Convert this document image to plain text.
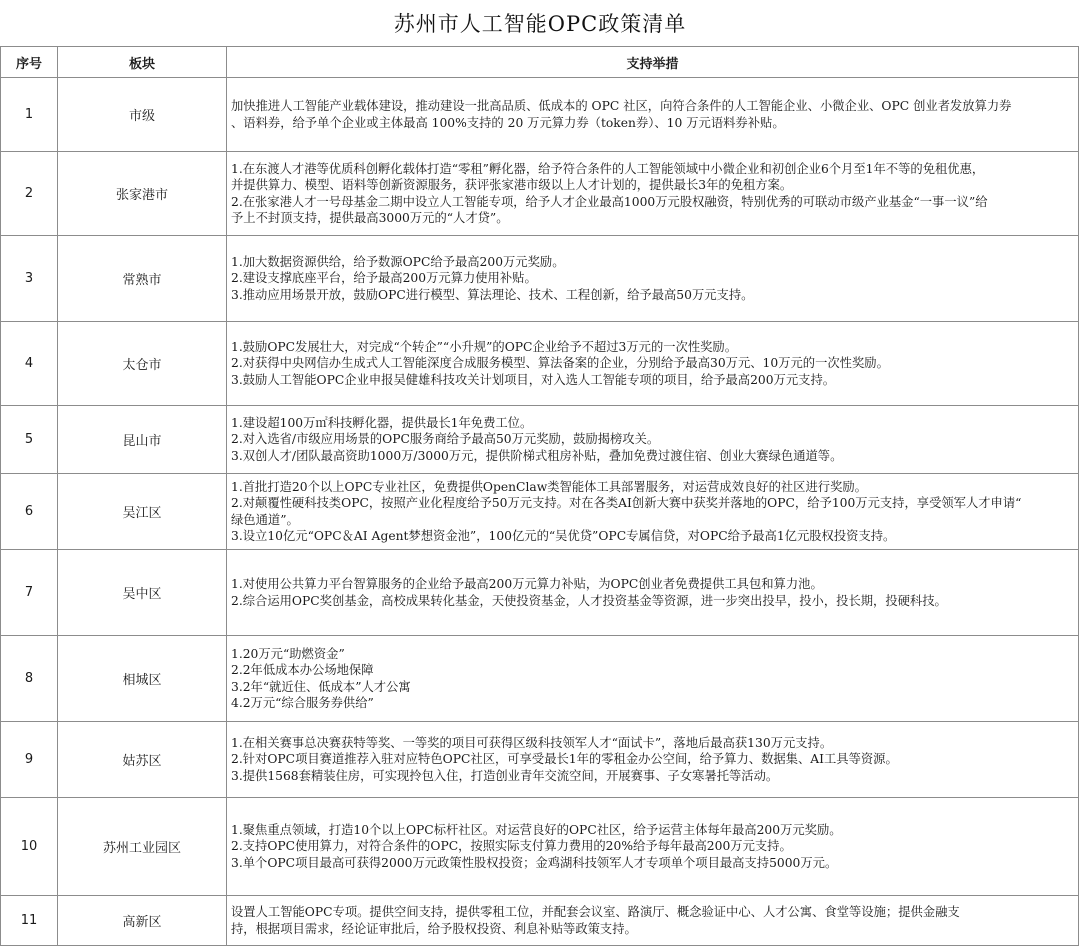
苏州市人工智能OPC政策清单
序号	板块	支持举措
1	市级	加快推进人工智能产业载体建设，推动建设一批高品质、低成本的 OPC 社区，向符合条件的人工智能企业、小微企业、OPC 创业者发放算力券
、语料券，给予单个企业或主体最高 100%支持的 20 万元算力券（token券）、10 万元语料券补贴。

2	张家港市	1.在东渡人才港等优质科创孵化载体打造“零租”孵化器，给予符合条件的人工智能领域中小微企业和初创企业6个月至1年不等的免租优惠，
并提供算力、模型、语料等创新资源服务，获评张家港市级以上人才计划的，提供最长3年的免租方案。
2.在张家港人才一号母基金二期中设立人工智能专项，给予人才企业最高1000万元股权融资，特别优秀的可联动市级产业基金“一事一议”给
予上不封顶支持，提供最高3000万元的“人才贷”。

3	常熟市	1.加大数据资源供给，给予数源OPC给予最高200万元奖励。
2.建设支撑底座平台，给予最高200万元算力使用补贴。
3.推动应用场景开放，鼓励OPC进行模型、算法理论、技术、工程创新，给予最高50万元支持。

4	太仓市	1.鼓励OPC发展壮大，对完成“个转企”“小升规”的OPC企业给予不超过3万元的一次性奖励。
2.对获得中央网信办生成式人工智能深度合成服务模型、算法备案的企业，分别给予最高30万元、10万元的一次性奖励。
3.鼓励人工智能OPC企业申报吴健雄科技攻关计划项目，对入选人工智能专项的项目，给予最高200万元支持。

5	昆山市	1.建设超100万㎡科技孵化器，提供最长1年免费工位。
2.对入选省/市级应用场景的OPC服务商给予最高50万元奖励，鼓励揭榜攻关。
3.双创人才/团队最高资助1000万/3000万元，提供阶梯式租房补贴，叠加免费过渡住宿、创业大赛绿色通道等。

6	吴江区	1.首批打造20个以上OPC专业社区，免费提供OpenClaw类智能体工具部署服务，对运营成效良好的社区进行奖励。
2.对颠覆性硬科技类OPC，按照产业化程度给予50万元支持。对在各类AI创新大赛中获奖并落地的OPC，给予100万元支持，享受领军人才申请“
绿色通道”。
3.设立10亿元“OPC＆AI Agent梦想资金池”，100亿元的“吴优贷”OPC专属信贷，对OPC给予最高1亿元股权投资支持。

7	吴中区	1.对使用公共算力平台智算服务的企业给予最高200万元算力补贴，为OPC创业者免费提供工具包和算力池。
2.综合运用OPC奖创基金，高校成果转化基金，天使投资基金，人才投资基金等资源，进一步突出投早，投小，投长期，投硬科技。

8	相城区	1.20万元“助燃资金”
2.2年低成本办公场地保障
3.2年“就近住、低成本”人才公寓
4.2万元“综合服务券供给”

9	姑苏区	1.在相关赛事总决赛获特等奖、一等奖的项目可获得区级科技领军人才“面试卡”，落地后最高获130万元支持。
2.针对OPC项目赛道推荐入驻对应特色OPC社区，可享受最长1年的零租金办公空间，给予算力、数据集、AI工具等资源。
3.提供1568套精装住房，可实现拎包入住，打造创业青年交流空间，开展赛事、子女寒暑托等活动。

10	苏州工业园区	1.聚焦重点领域，打造10个以上OPC标杆社区。对运营良好的OPC社区，给予运营主体每年最高200万元奖励。
2.支持OPC使用算力，对符合条件的OPC，按照实际支付算力费用的20%给予每年最高200万元支持。
3.单个OPC项目最高可获得2000万元政策性股权投资；金鸡湖科技领军人才专项单个项目最高支持5000万元。

11	高新区	设置人工智能OPC专项。提供空间支持，提供零租工位，并配套会议室、路演厅、概念验证中心、人才公寓、食堂等设施；提供金融支
持，根据项目需求，经论证审批后，给予股权投资、利息补贴等政策支持。
